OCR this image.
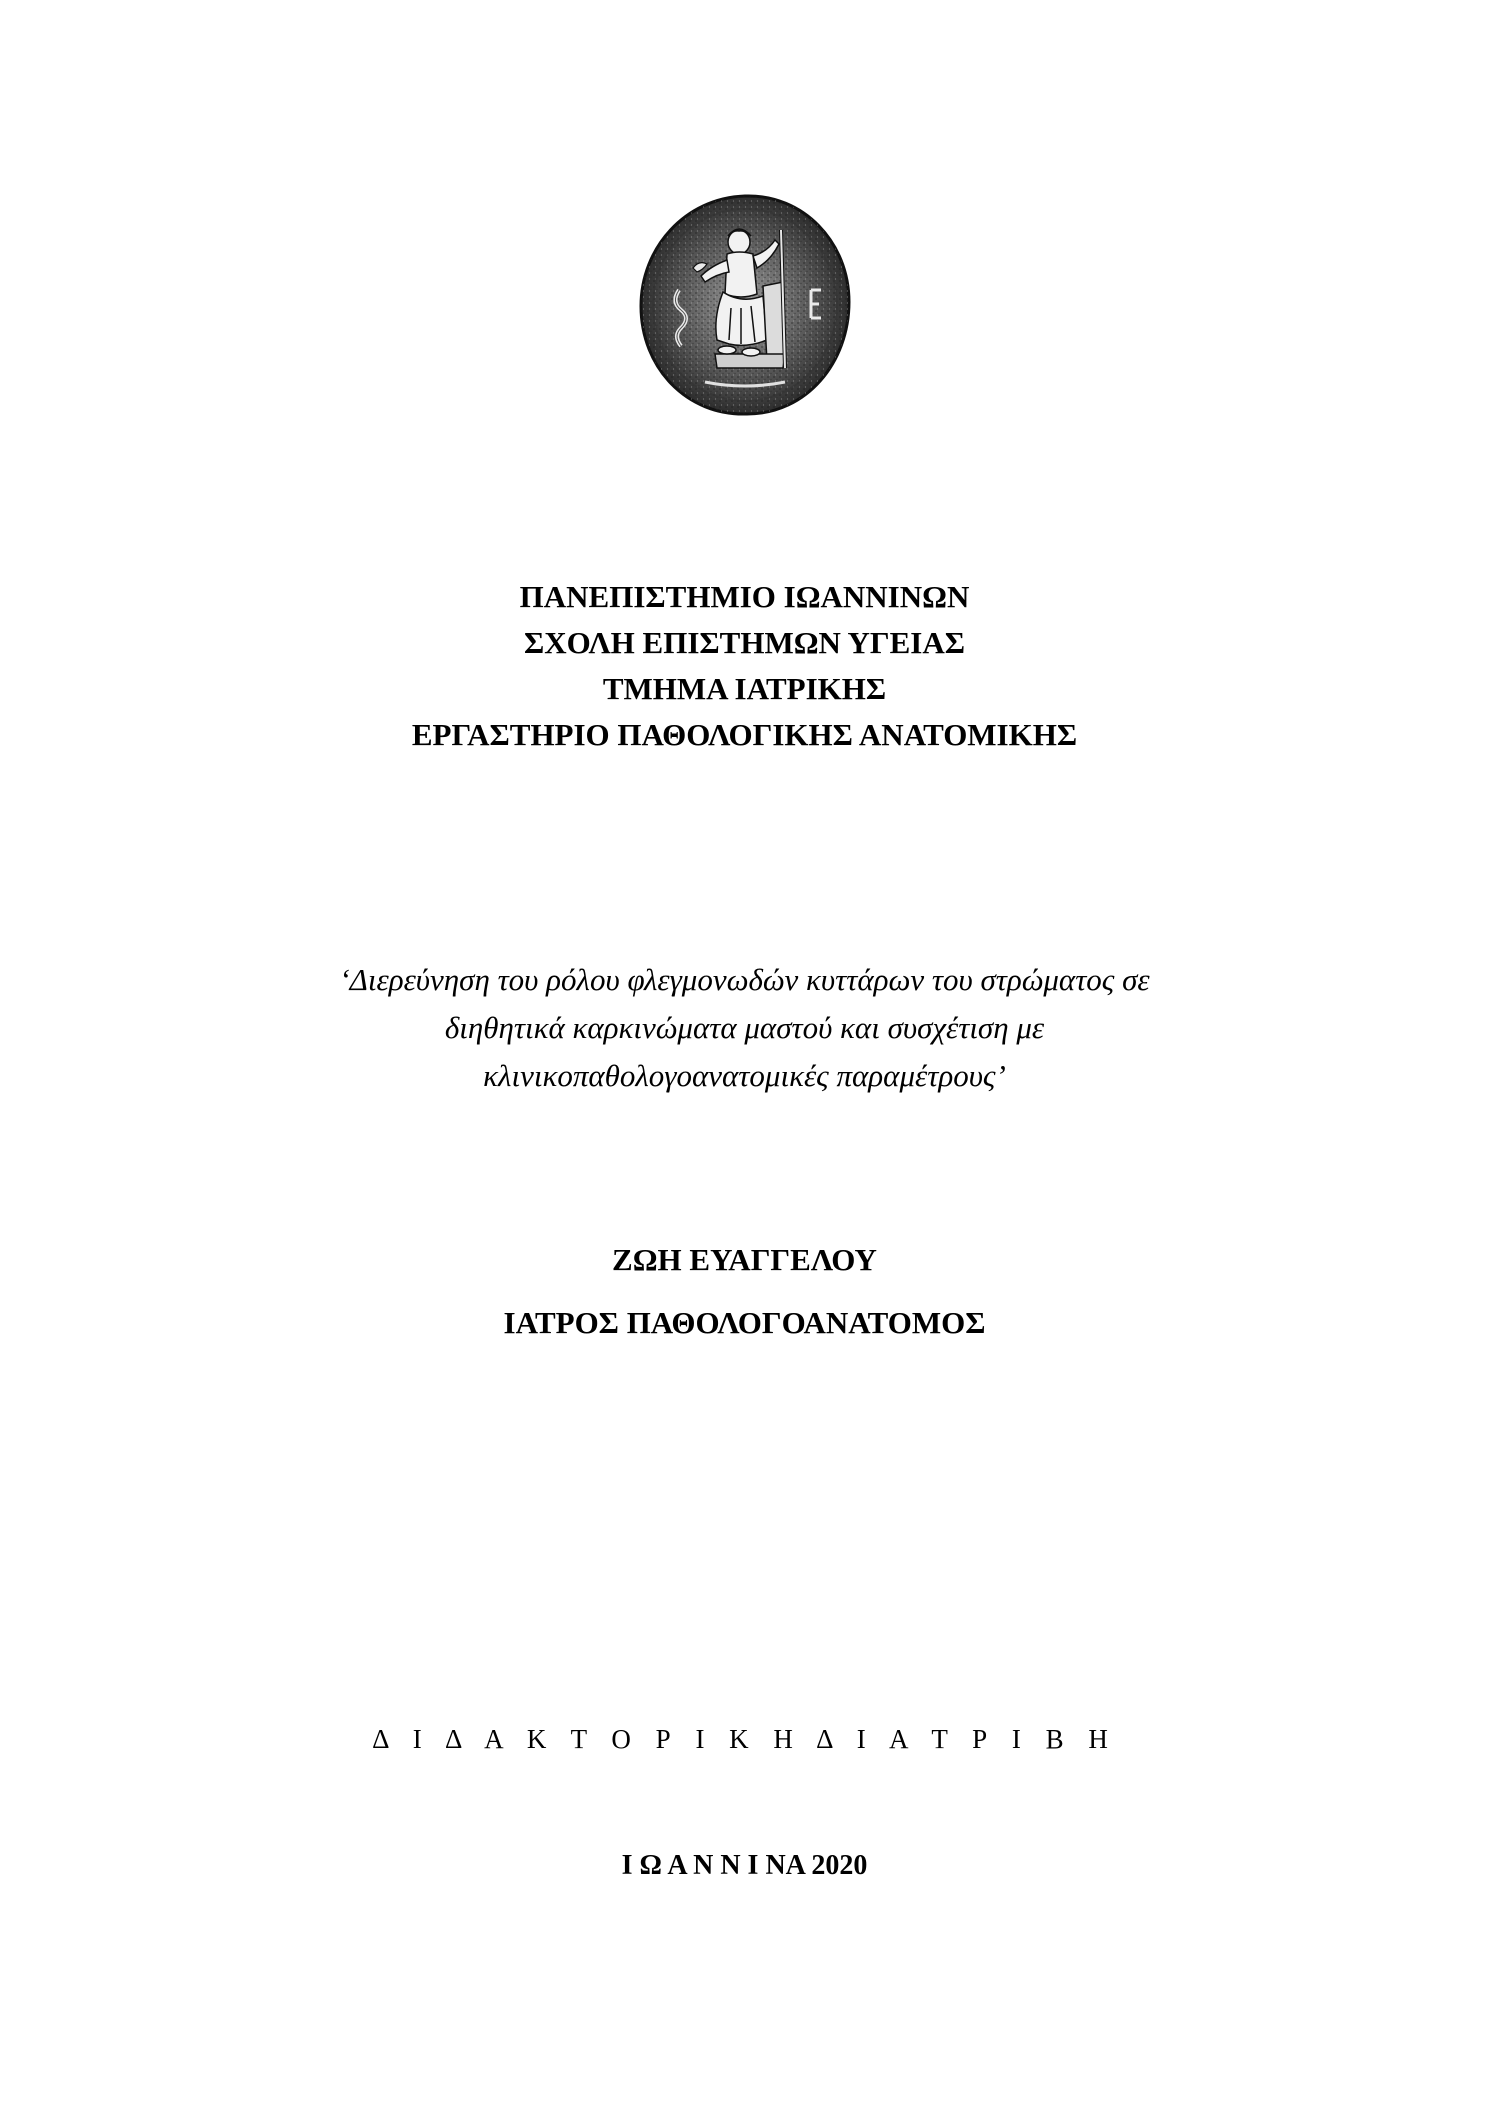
ΠΑΝΕΠΙΣΤΗΜΙΟ ΙΩΑΝΝΙΝΩΝ
ΣΧΟΛΗ ΕΠΙΣΤΗΜΩΝ ΥΓΕΙΑΣ
ΤΜΗΜΑ ΙΑΤΡΙΚΗΣ
ΕΡΓΑΣΤΗΡΙΟ ΠΑΘΟΛΟΓΙΚΗΣ ΑΝΑΤΟΜΙΚΗΣ
‘Διερεύνηση του ρόλου φλεγμονωδών κυττάρων του στρώματος σε
διηθητικά καρκινώματα μαστού και συσχέτιση με
κλινικοπαθολογοανατομικές παραμέτρους’
ΖΩΗ ΕΥΑΓΓΕΛΟΥ
ΙΑΤΡΟΣ ΠΑΘΟΛΟΓΟΑΝΑΤΟΜΟΣ
Δ Ι Δ Α Κ Τ Ο Ρ Ι Κ Η Δ Ι Α Τ Ρ Ι Β Η
Ι Ω Α Ν Ν Ι ΝΑ 2020
